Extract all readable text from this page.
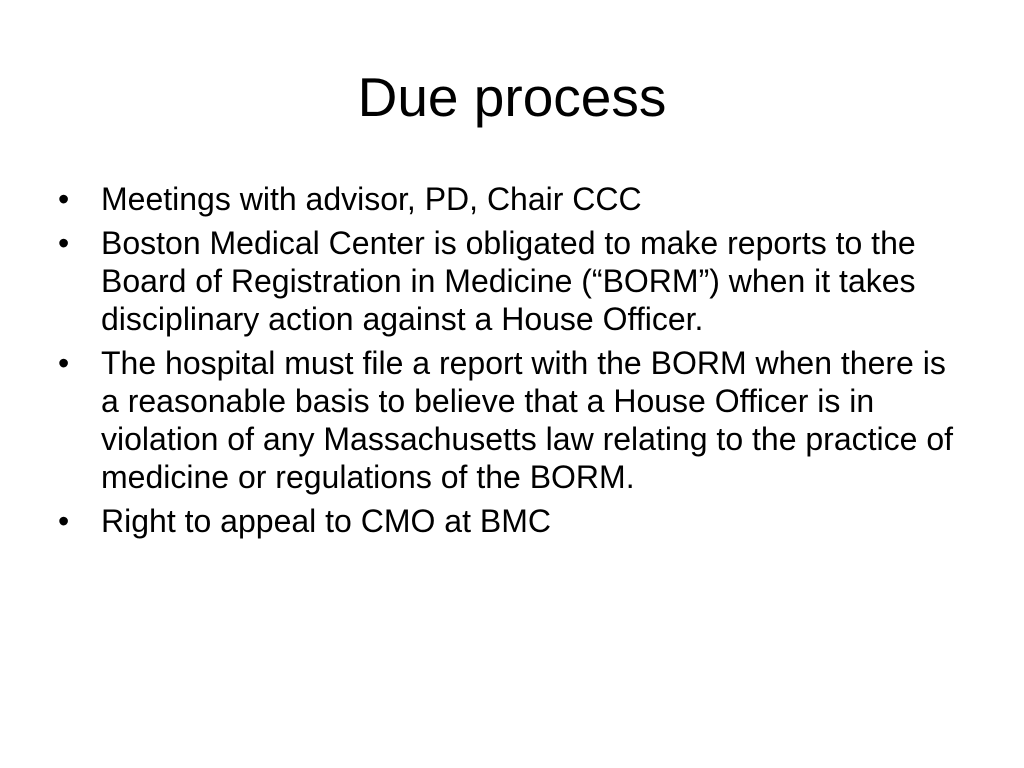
Due process
• Meetings with advisor, PD, Chair CCC
• Boston Medical Center is obligated to make reports to the Board of Registration in Medicine (“BORM”) when it takes disciplinary action against a House Officer.
• The hospital must file a report with the BORM when there is a reasonable basis to believe that a House Officer is in violation of any Massachusetts law relating to the practice of medicine or regulations of the BORM.
• Right to appeal to CMO at BMC
